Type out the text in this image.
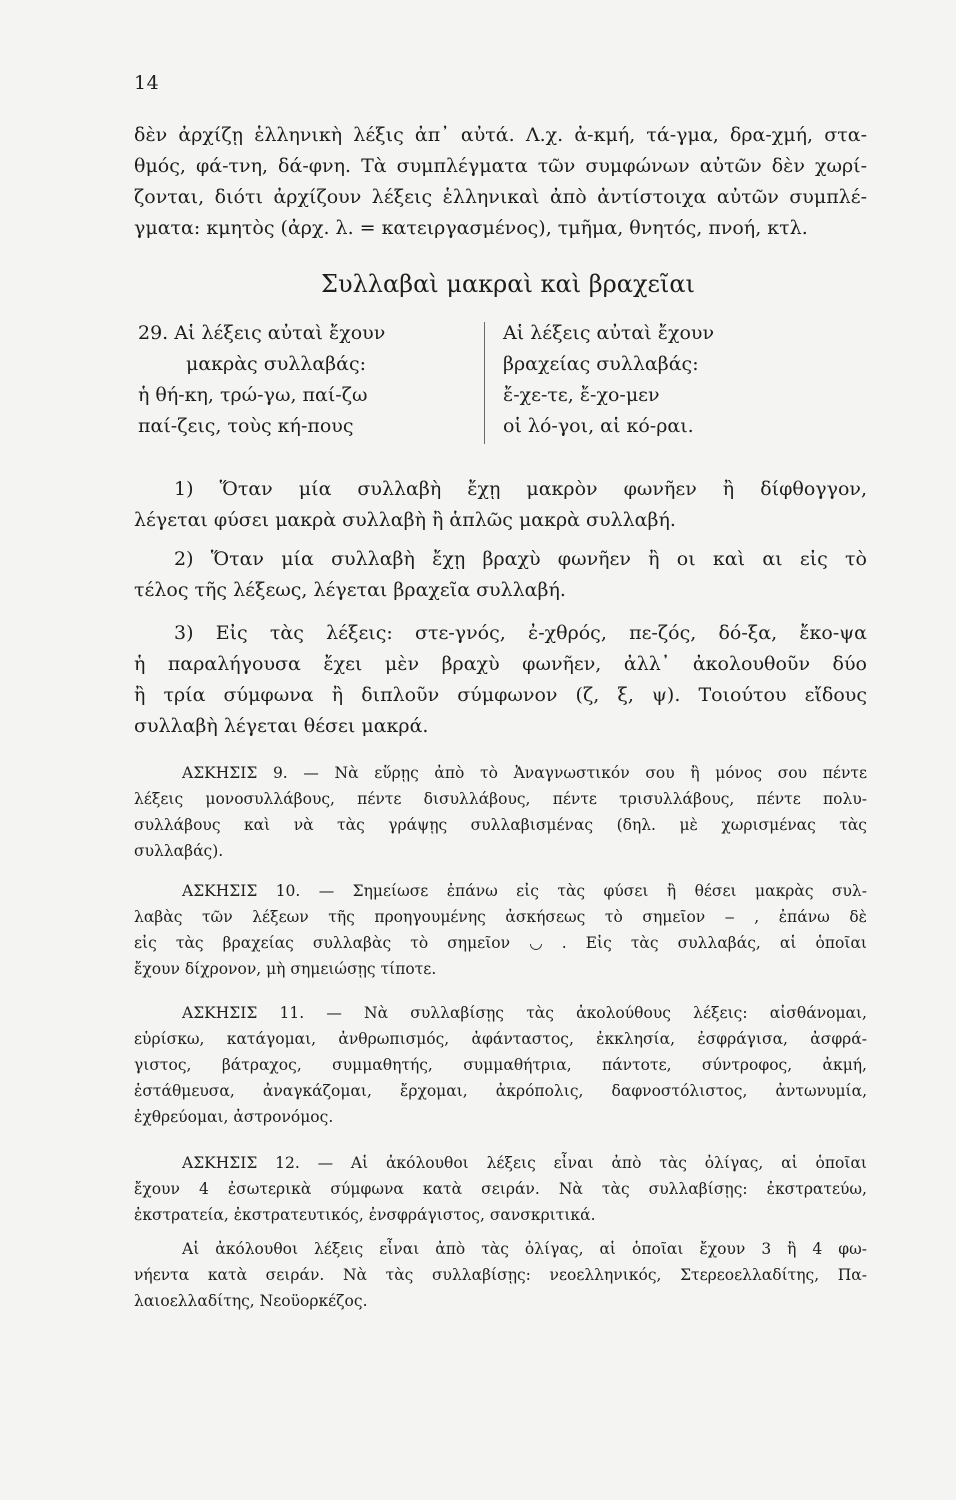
14
δὲν ἀρχίζῃ ἑλληνικὴ λέξις ἀπ᾿ αὐτά. Λ.χ. ἀ-κμή, τά-γμα, δρα-χμή, στα-
θμός, φά-τνη, δά-φνη. Τὰ συμπλέγματα τῶν συμφώνων αὐτῶν δὲν χωρί-
ζονται, διότι ἀρχίζουν λέξεις ἑλληνικαὶ ἀπὸ ἀντίστοιχα αὐτῶν συμπλέ-
γματα: κμητὸς (ἀρχ. λ. = κατειργασμένος), τμῆμα, θνητός, πνοή, κτλ.
Συλλαβαὶ μακραὶ καὶ βραχεῖαι
29. Αἱ λέξεις αὐταὶ ἔχουν
μακρὰς συλλαβάς:
ἡ θή-κη, τρώ-γω, παί-ζω
παί-ζεις, τοὺς κή-πους
Αἱ λέξεις αὐταὶ ἔχουν
βραχείας συλλαβάς:
ἔ-χε-τε, ἔ-χο-μεν
οἱ λό-γοι, αἱ κό-ραι.
1) Ὅταν μία συλλαβὴ ἔχῃ μακρὸν φωνῆεν ἢ δίφθογγον,
λέγεται φύσει μακρὰ συλλαβὴ ἢ ἁπλῶς μακρὰ συλλαβή.
2) Ὅταν μία συλλαβὴ ἔχῃ βραχὺ φωνῆεν ἢ οι καὶ αι εἰς τὸ
τέλος τῆς λέξεως, λέγεται βραχεῖα συλλαβή.
3) Εἰς τὰς λέξεις: στε-γνός, ἐ-χθρός, πε-ζός, δό-ξα, ἔκο-ψα
ἡ παραλήγουσα ἔχει μὲν βραχὺ φωνῆεν, ἀλλ᾿ ἀκολουθοῦν δύο
ἢ τρία σύμφωνα ἢ διπλοῦν σύμφωνον (ζ, ξ, ψ). Τοιούτου εἴδους
συλλαβὴ λέγεται θέσει μακρά.
ΑΣΚΗΣΙΣ 9. — Νὰ εὕρῃς ἀπὸ τὸ Ἀναγνωστικόν σου ἢ μόνος σου πέντε
λέξεις μονοσυλλάβους, πέντε δισυλλάβους, πέντε τρισυλλάβους, πέντε πολυ-
συλλάβους καὶ νὰ τὰς γράψῃς συλλαβισμένας (δηλ. μὲ χωρισμένας τὰς
συλλαβάς).
ΑΣΚΗΣΙΣ 10. — Σημείωσε ἐπάνω εἰς τὰς φύσει ἢ θέσει μακρὰς συλ-
λαβὰς τῶν λέξεων τῆς προηγουμένης ἀσκήσεως τὸ σημεῖον ‒ , ἐπάνω δὲ
εἰς τὰς βραχείας συλλαβὰς τὸ σημεῖον ◡ . Εἰς τὰς συλλαβάς, αἱ ὁποῖαι
ἔχουν δίχρονον, μὴ σημειώσῃς τίποτε.
ΑΣΚΗΣΙΣ 11. — Νὰ συλλαβίσῃς τὰς ἀκολούθους λέξεις: αἰσθάνομαι,
εὑρίσκω, κατάγομαι, ἀνθρωπισμός, ἀφάνταστος, ἐκκλησία, ἐσφράγισα, ἀσφρά-
γιστος, βάτραχος, συμμαθητής, συμμαθήτρια, πάντοτε, σύντροφος, ἀκμή,
ἐστάθμευσα, ἀναγκάζομαι, ἔρχομαι, ἀκρόπολις, δαφνοστόλιστος, ἀντωνυμία,
ἐχθρεύομαι, ἀστρονόμος.
ΑΣΚΗΣΙΣ 12. — Αἱ ἀκόλουθοι λέξεις εἶναι ἀπὸ τὰς ὀλίγας, αἱ ὁποῖαι
ἔχουν 4 ἐσωτερικὰ σύμφωνα κατὰ σειράν. Νὰ τὰς συλλαβίσῃς: ἐκστρατεύω,
ἐκστρατεία, ἐκστρατευτικός, ἐνσφράγιστος, σανσκριτικά.
Αἱ ἀκόλουθοι λέξεις εἶναι ἀπὸ τὰς ὀλίγας, αἱ ὁποῖαι ἔχουν 3 ἢ 4 φω-
νήεντα κατὰ σειράν. Νὰ τὰς συλλαβίσῃς: νεοελληνικός, Στερεοελλαδίτης, Πα-
λαιοελλαδίτης, Νεοϋορκέζος.
